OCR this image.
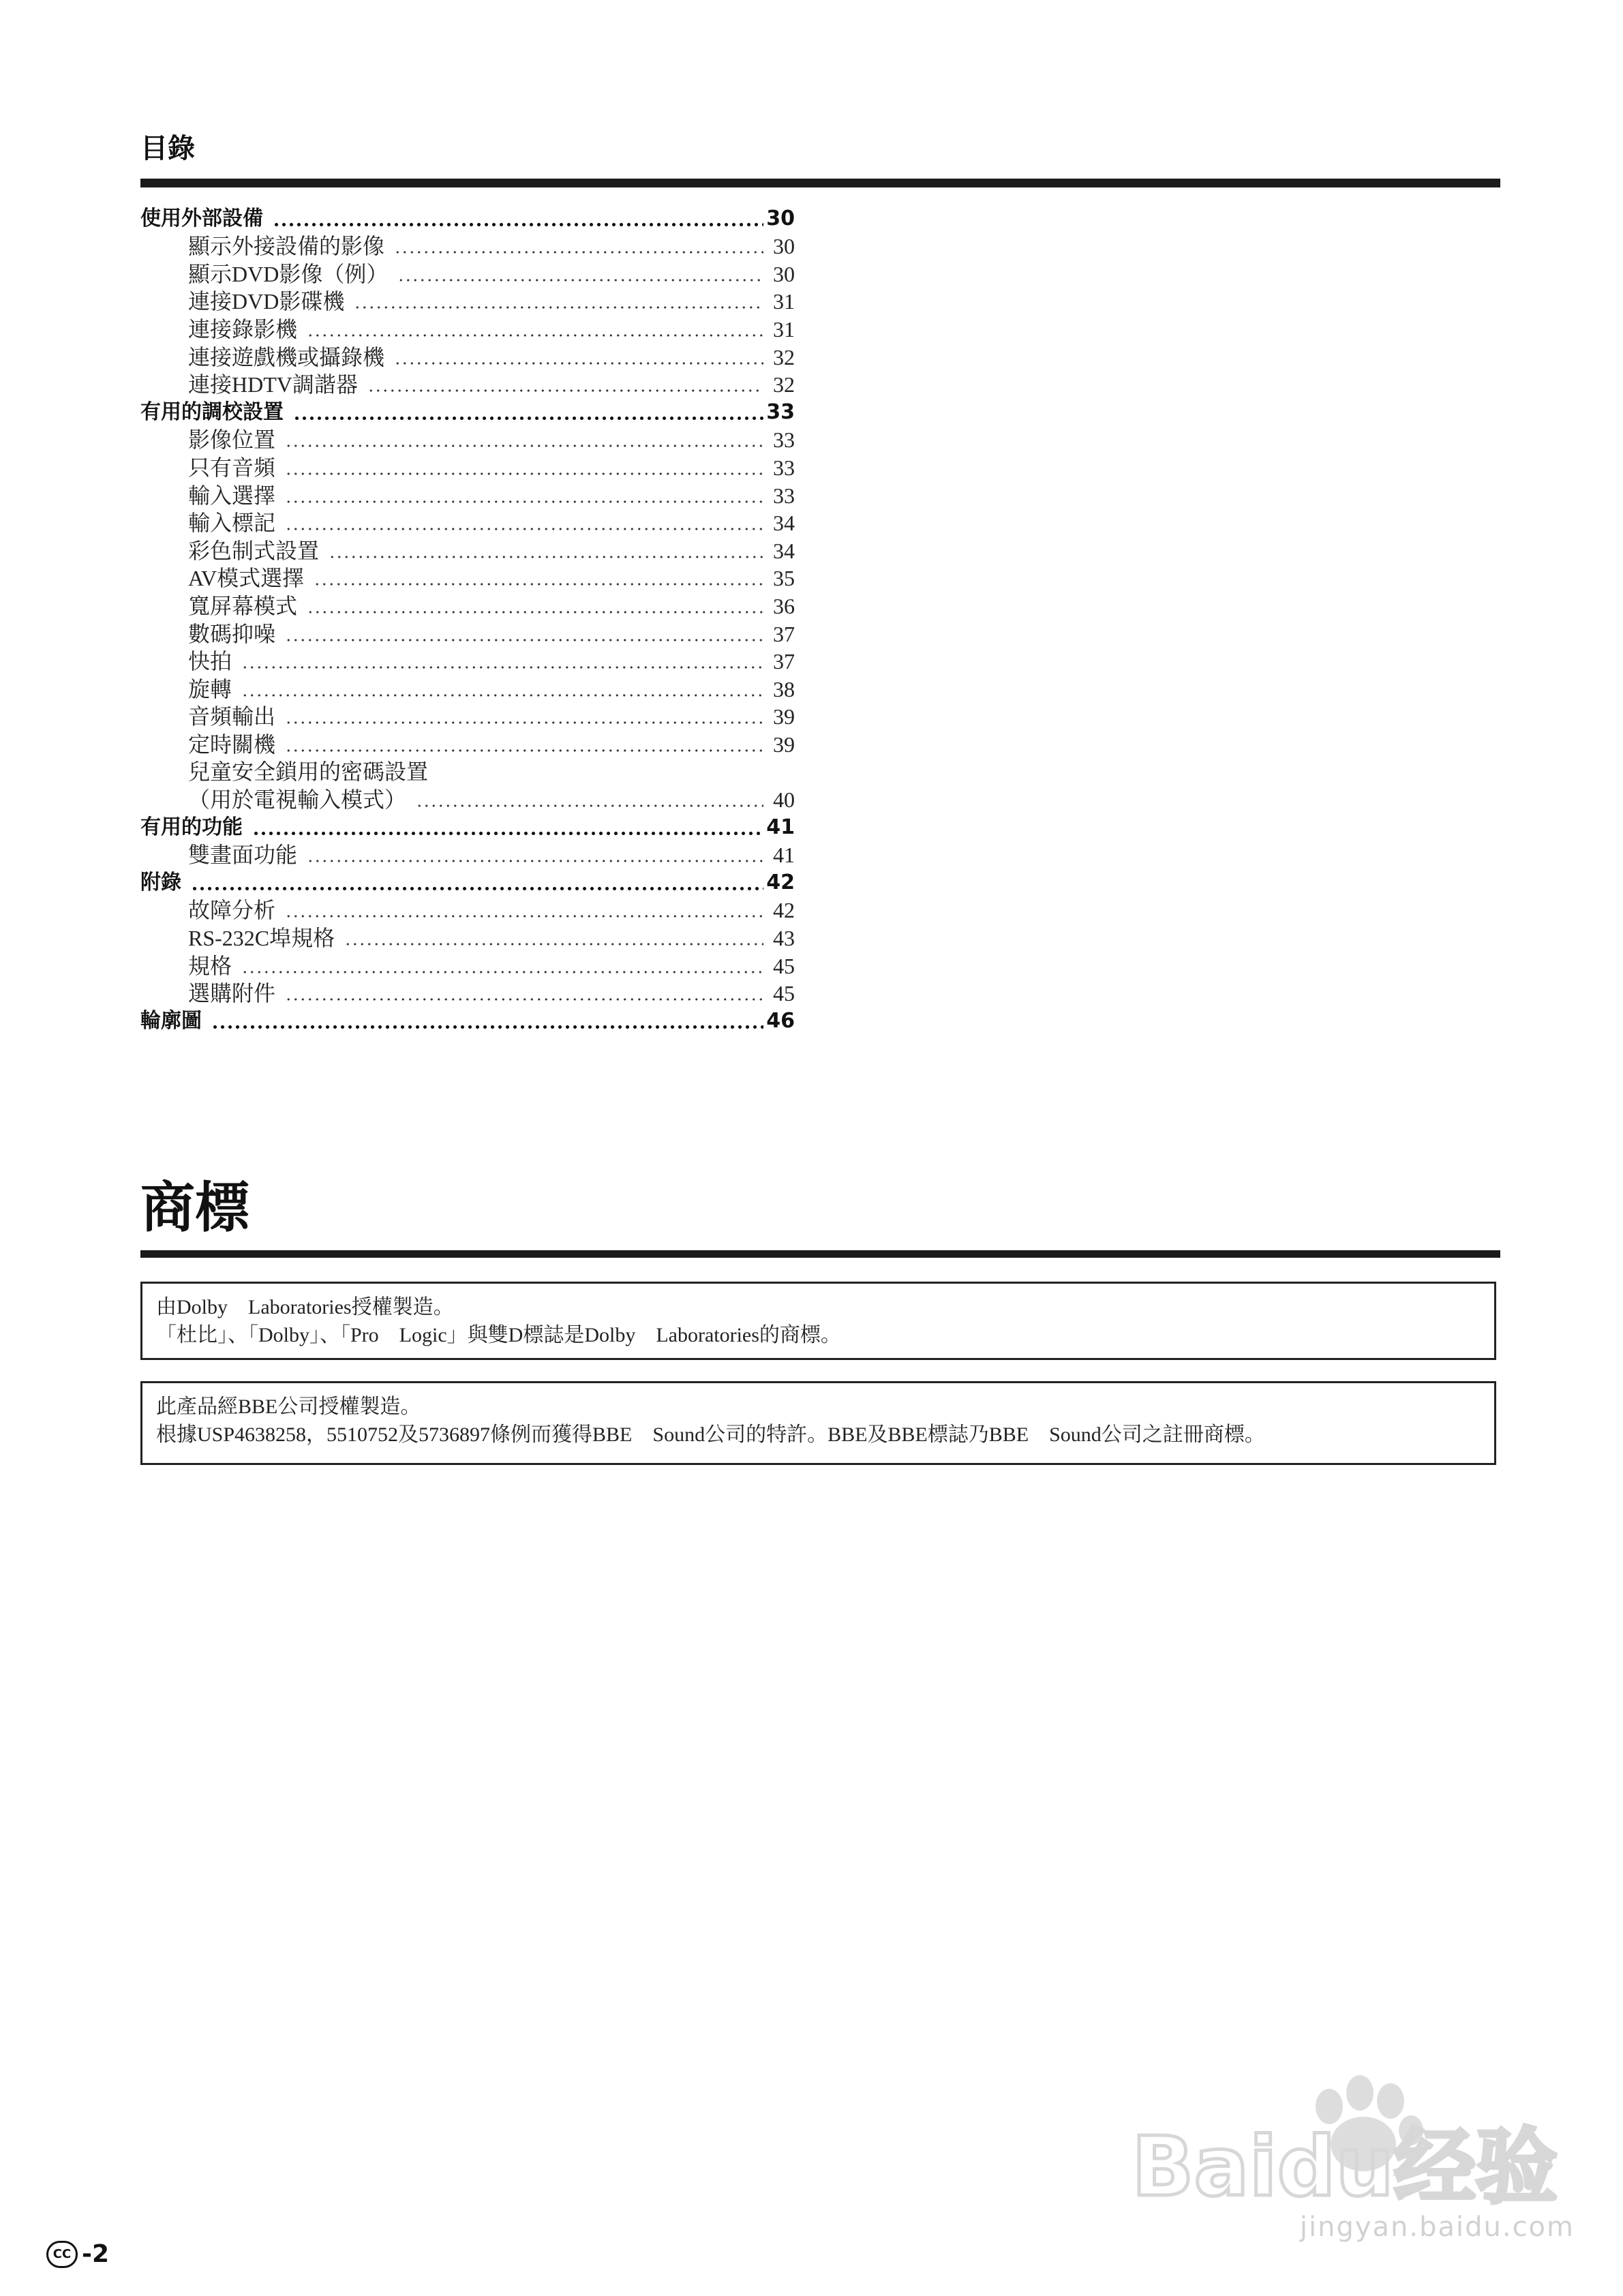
目錄
使用外部設備	30
顯示外接設備的影像	30
顯示DVD影像（例）	30
連接DVD影碟機	31
連接錄影機	31
連接遊戲機或攝錄機	32
連接HDTV調諧器	32
有用的調校設置	33
影像位置	33
只有音頻	33
輸入選擇	33
輸入標記	34
彩色制式設置	34
AV模式選擇	35
寬屏幕模式	36
數碼抑噪	37
快拍	37
旋轉	38
音頻輸出	39
定時關機	39
兒童安全鎖用的密碼設置
（用於電視輸入模式）	40
有用的功能	41
雙畫面功能	41
附錄	42
故障分析	42
RS-232C埠規格	43
規格	45
選購附件	45
輪廓圖	46
商標
由Dolby　Laboratories授權製造。
「杜比」、「Dolby」、「Pro　Logic」與雙D標誌是Dolby　Laboratories的商標。
此產品經BBE公司授權製造。
根據USP4638258，5510752及5736897條例而獲得BBE　Sound公司的特許。BBE及BBE標誌乃BBE　Sound公司之註冊商標。
Baidu经验
jingyan.baidu.com
CC -2
